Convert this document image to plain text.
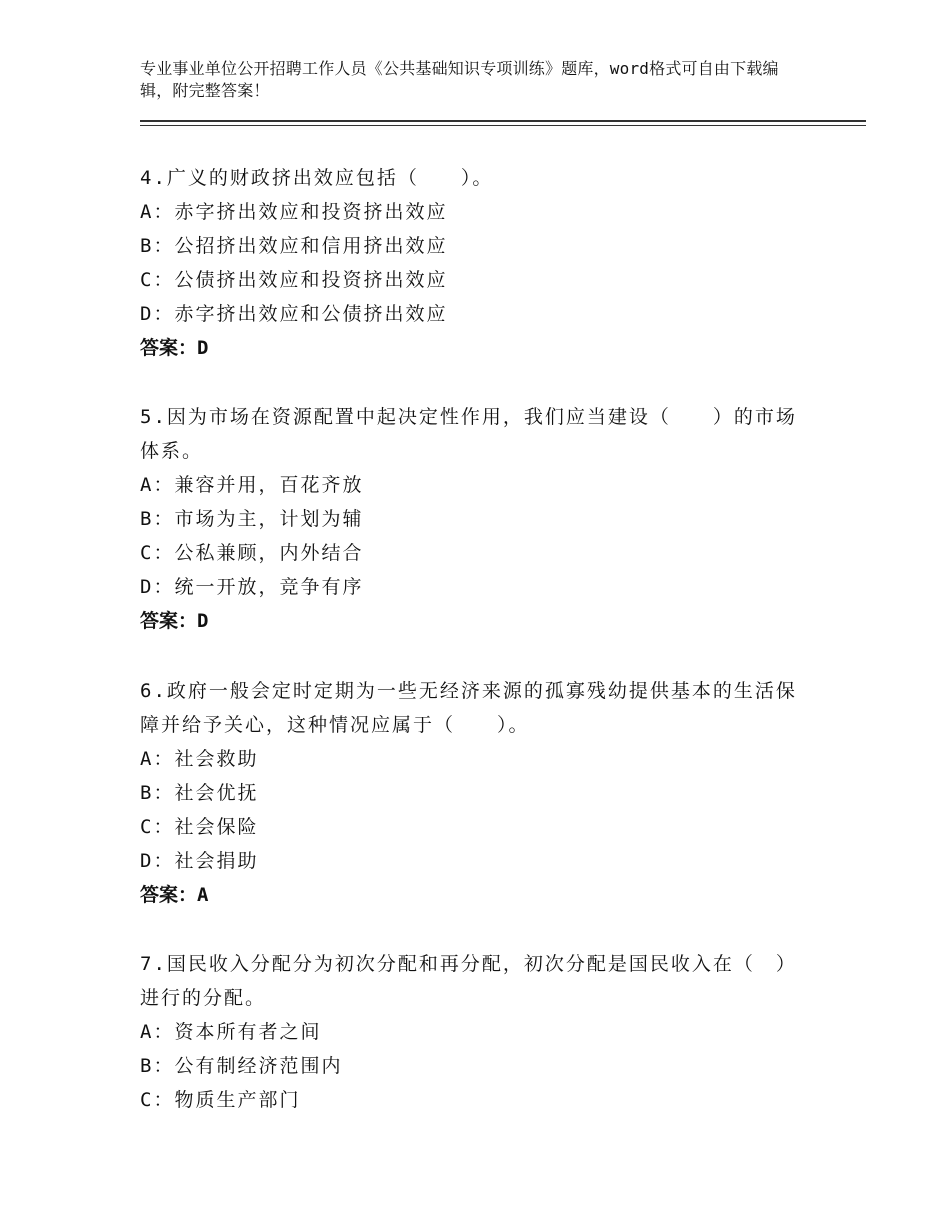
专业事业单位公开招聘工作人员《公共基础知识专项训练》题库，word格式可自由下载编辑，附完整答案！

4.广义的财政挤出效应包括（　　）。

A：赤字挤出效应和投资挤出效应

B：公招挤出效应和信用挤出效应

C：公债挤出效应和投资挤出效应

D：赤字挤出效应和公债挤出效应

答案：D

5.因为市场在资源配置中起决定性作用，我们应当建设（　　）的市场体系。

A：兼容并用，百花齐放

B：市场为主，计划为辅

C：公私兼顾，内外结合

D：统一开放，竞争有序

答案：D

6.政府一般会定时定期为一些无经济来源的孤寡残幼提供基本的生活保障并给予关心，这种情况应属于（　　）。

A：社会救助

B：社会优抚

C：社会保险

D：社会捐助

答案：A

7.国民收入分配分为初次分配和再分配，初次分配是国民收入在（　）进行的分配。

A：资本所有者之间

B：公有制经济范围内

C：物质生产部门
